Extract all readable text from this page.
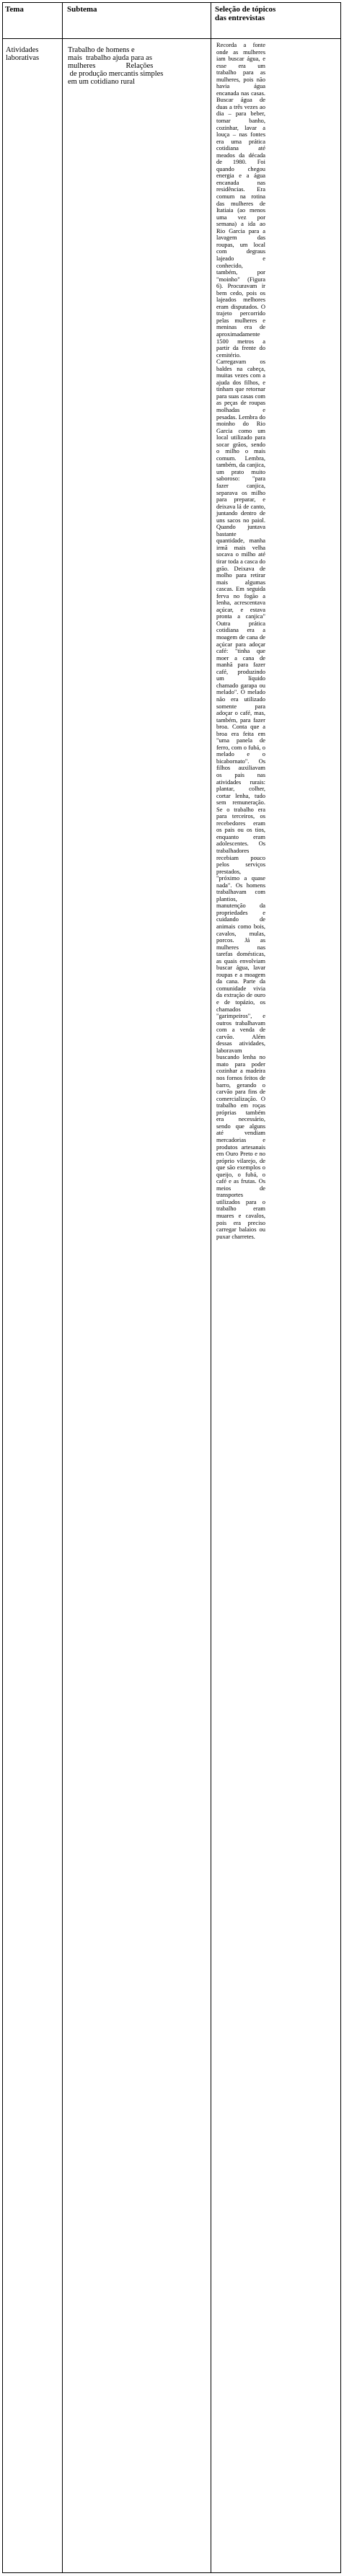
Tema	Subtema	Seleção de tópicos das entrevistas
Atividades laborativas
Trabalho de homens e
mais  trabalho ajuda para as
mulheres                Relações
de produção mercantis simples
em um cotidiano rural
Recorda a fonte onde as mulheres iam buscar água, e esse era um trabalho para as mulheres, pois não havia água encanada nas casas. Buscar água de duas a três vezes ao dia – para beber, tomar banho, cozinhar, lavar a louça – nas fontes era uma prática cotidiana até meados da década de 1980. Foi quando chegou energia e a água encanada nas residências. Era comum na rotina das mulheres de Itatiaia (ao menos uma vez por semana) a ida ao Rio Garcia para a lavagem das roupas, um local com degraus lajeado e conhecido, também, por "moinho" (Figura 6). Procuravam ir bem cedo, pois os lajeados melhores eram disputados. O trajeto percorrido pelas mulheres e meninas era de aproximadamente 1500 metros a partir da frente do cemitério. Carregavam os baldes na cabeça, muitas vezes com a ajuda dos filhos, e tinham que retornar para suas casas com as peças de roupas molhadas e pesadas. Lembra do moinho do Rio Garcia como um local utilizado para socar grãos, sendo o milho o mais comum. Lembra, também, da canjica, um prato muito saboroso: "para fazer canjica, separava os milho para preparar, e deixava lá de canto, juntando dentro de uns sacos no paiol. Quando juntava bastante quantidade, manha irmã mais velha socava o milho até tirar toda a casca do grão. Deixava de molho para retirar mais algumas cascas. Em seguida ferva no fogão a lenha, acrescentava açúcar, e estava pronta a canjica" Outra prática cotidiana era a moagem de cana de açúcar para adoçar café: "tinha que moer a cana de manhã para fazer café, produzindo um líquido chamado garapa ou melado". O melado não era utilizado somente para adoçar o café, mas, também, para fazer broa. Conta que a broa era feita em "uma panela de ferro, com o fubá, o melado e o bicabornato". Os filhos auxiliavam os pais nas atividades rurais: plantar, colher, cortar lenha, tudo sem remuneração. Se o trabalho era para terceiros, os recebedores eram os pais ou os tios, enquanto eram adolescentes. Os trabalhadores recebiam pouco pelos serviços prestados, "próximo a quase nada". Os homens trabalhavam com plantios, manutenção da propriedades e cuidando de animais como bois, cavalos, mulas, porcos. Já as mulheres nas tarefas domésticas, as quais envolviam buscar água, lavar roupas e a moagem da cana. Parte da comunidade vivia da extração de ouro e de topázio, os chamados "garimpeiros", e outros trabalhavam com a venda de carvão. Além dessas atividades, laboravam buscando lenha no mato para poder cozinhar a madeira nos fornos feitos de barro, gerando o carvão para fins de comercialização. O trabalho em roças próprias também era necessário, sendo que alguns até vendiam mercadorias e produtos artesanais em Ouro Preto e no próprio vilarejo, de que são exemplos o queijo, o fubá, o café e as frutas. Os meios de transportes utilizados para o trabalho eram muares e cavalos, pois era preciso carregar balaios ou puxar charretes.
